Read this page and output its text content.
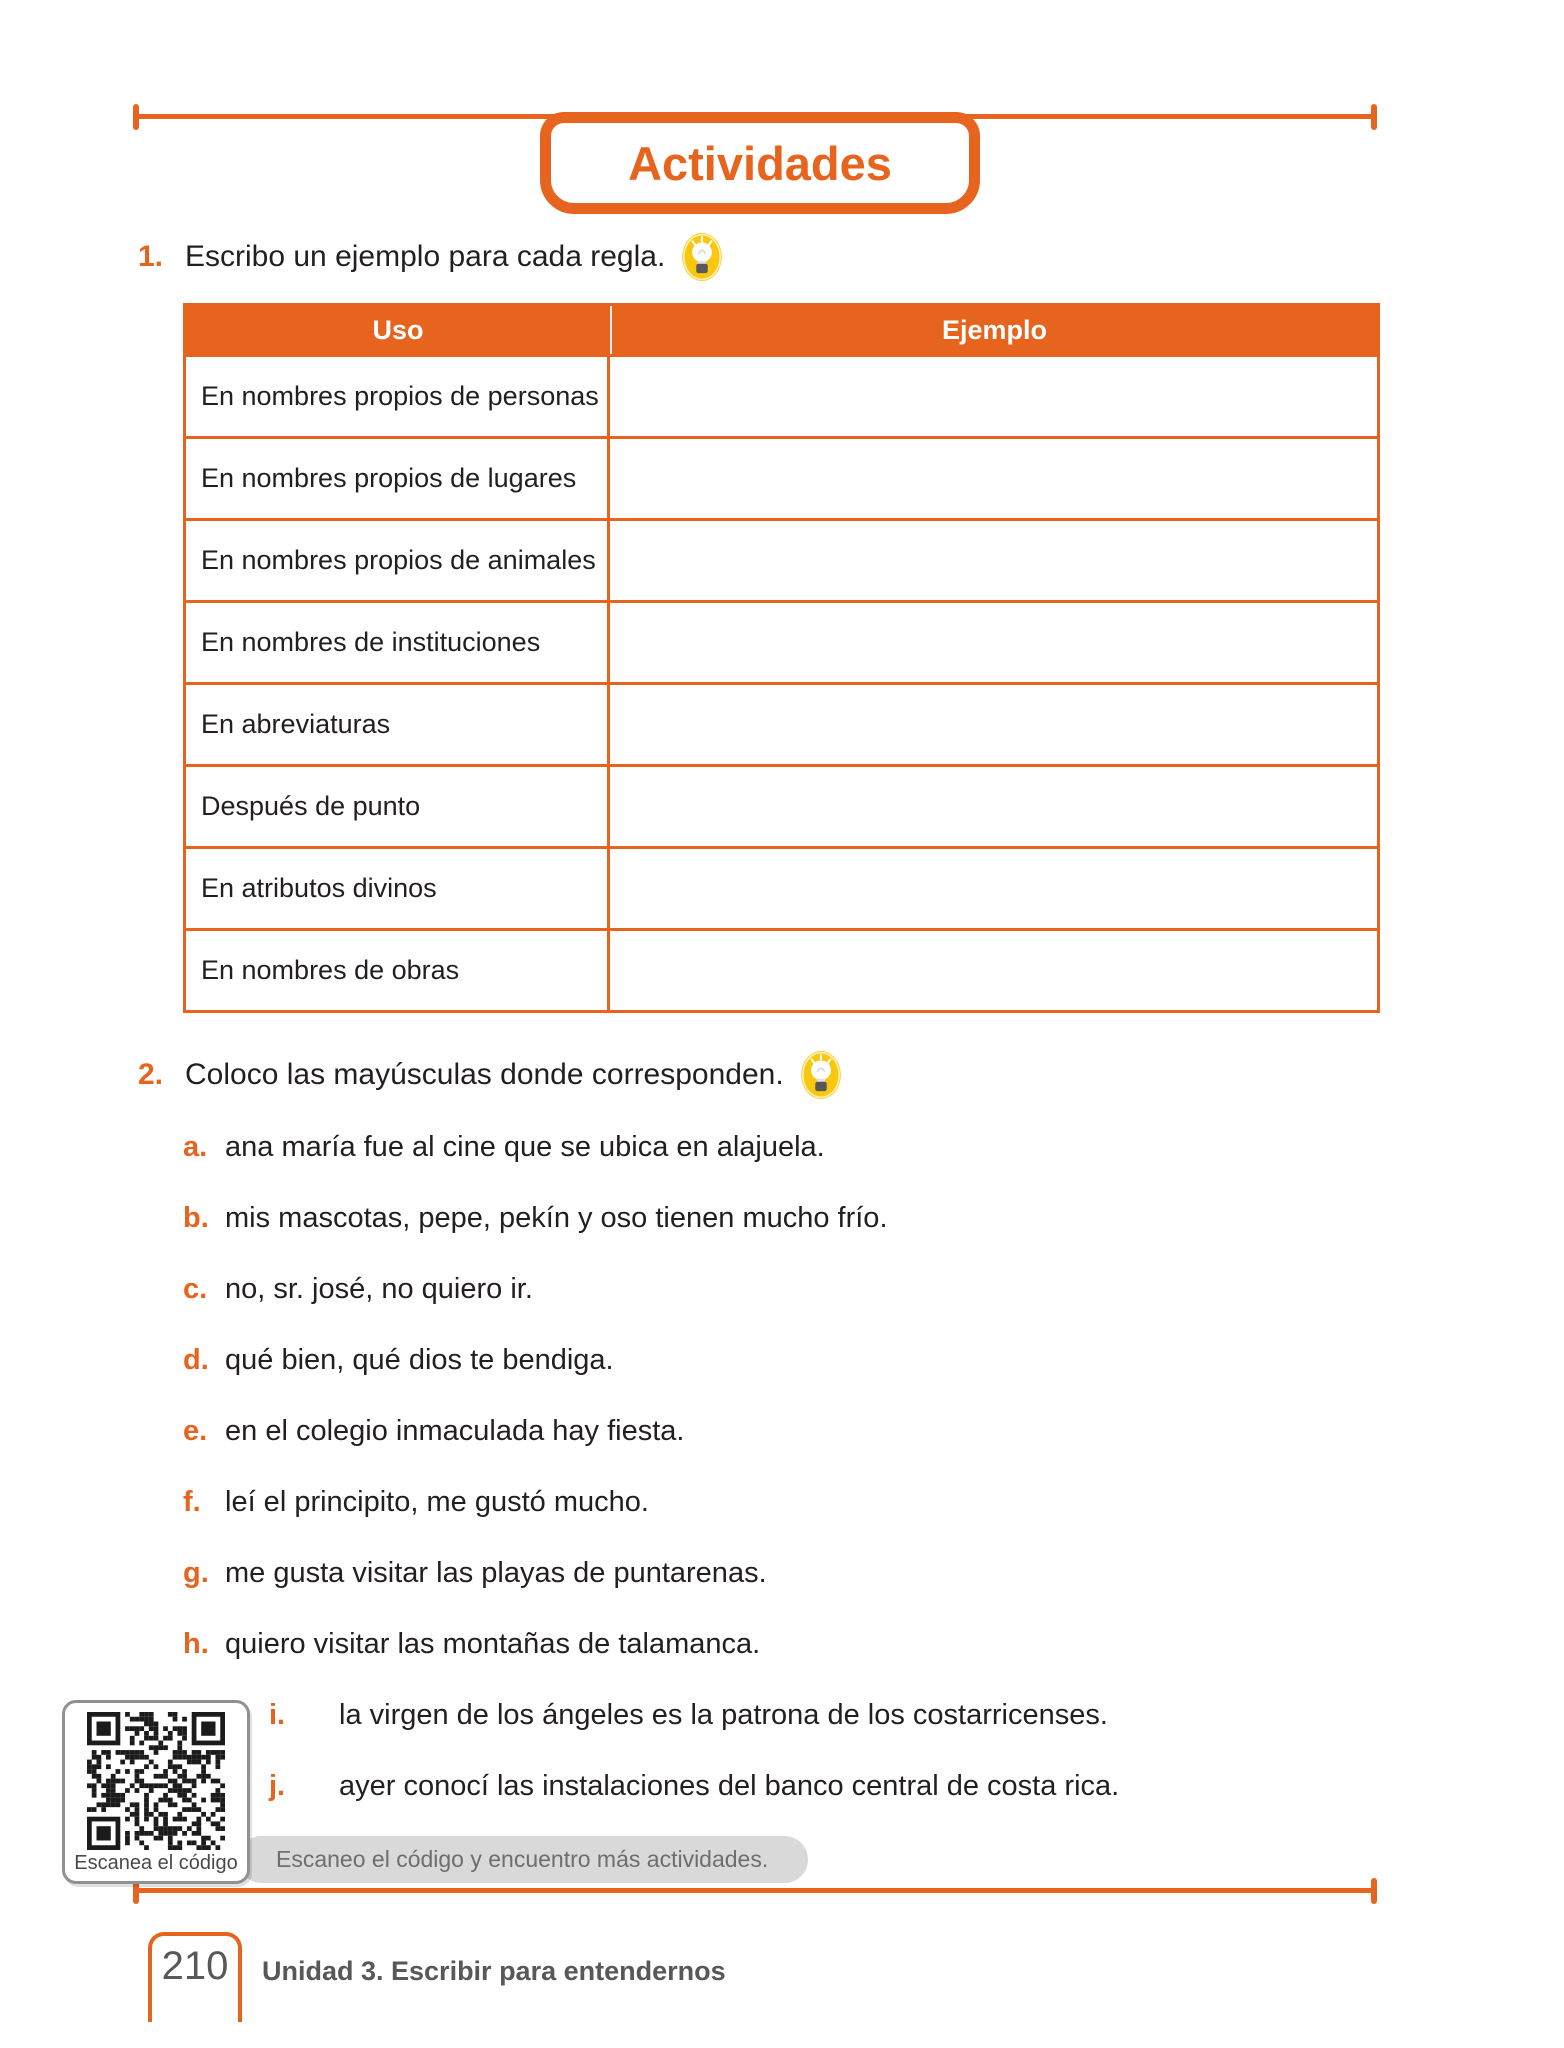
Actividades
1. Escribo un ejemplo para cada regla.
Uso	Ejemplo
En nombres propios de personas
En nombres propios de lugares
En nombres propios de animales
En nombres de instituciones
En abreviaturas
Después de punto
En atributos divinos
En nombres de obras
2. Coloco las mayúsculas donde corresponden.
a. ana maría fue al cine que se ubica en alajuela.
b. mis mascotas, pepe, pekín y oso tienen mucho frío.
c. no, sr. josé, no quiero ir.
d. qué bien, qué dios te bendiga.
e. en el colegio inmaculada hay fiesta.
f. leí el principito, me gustó mucho.
g. me gusta visitar las playas de puntarenas.
h. quiero visitar las montañas de talamanca.
i.	la virgen de los ángeles es la patrona de los costarricenses.
j.	ayer conocí las instalaciones del banco central de costa rica.
Escanea el código Escaneo el código y encuentro más actividades.
210 Unidad 3. Escribir para entendernos
